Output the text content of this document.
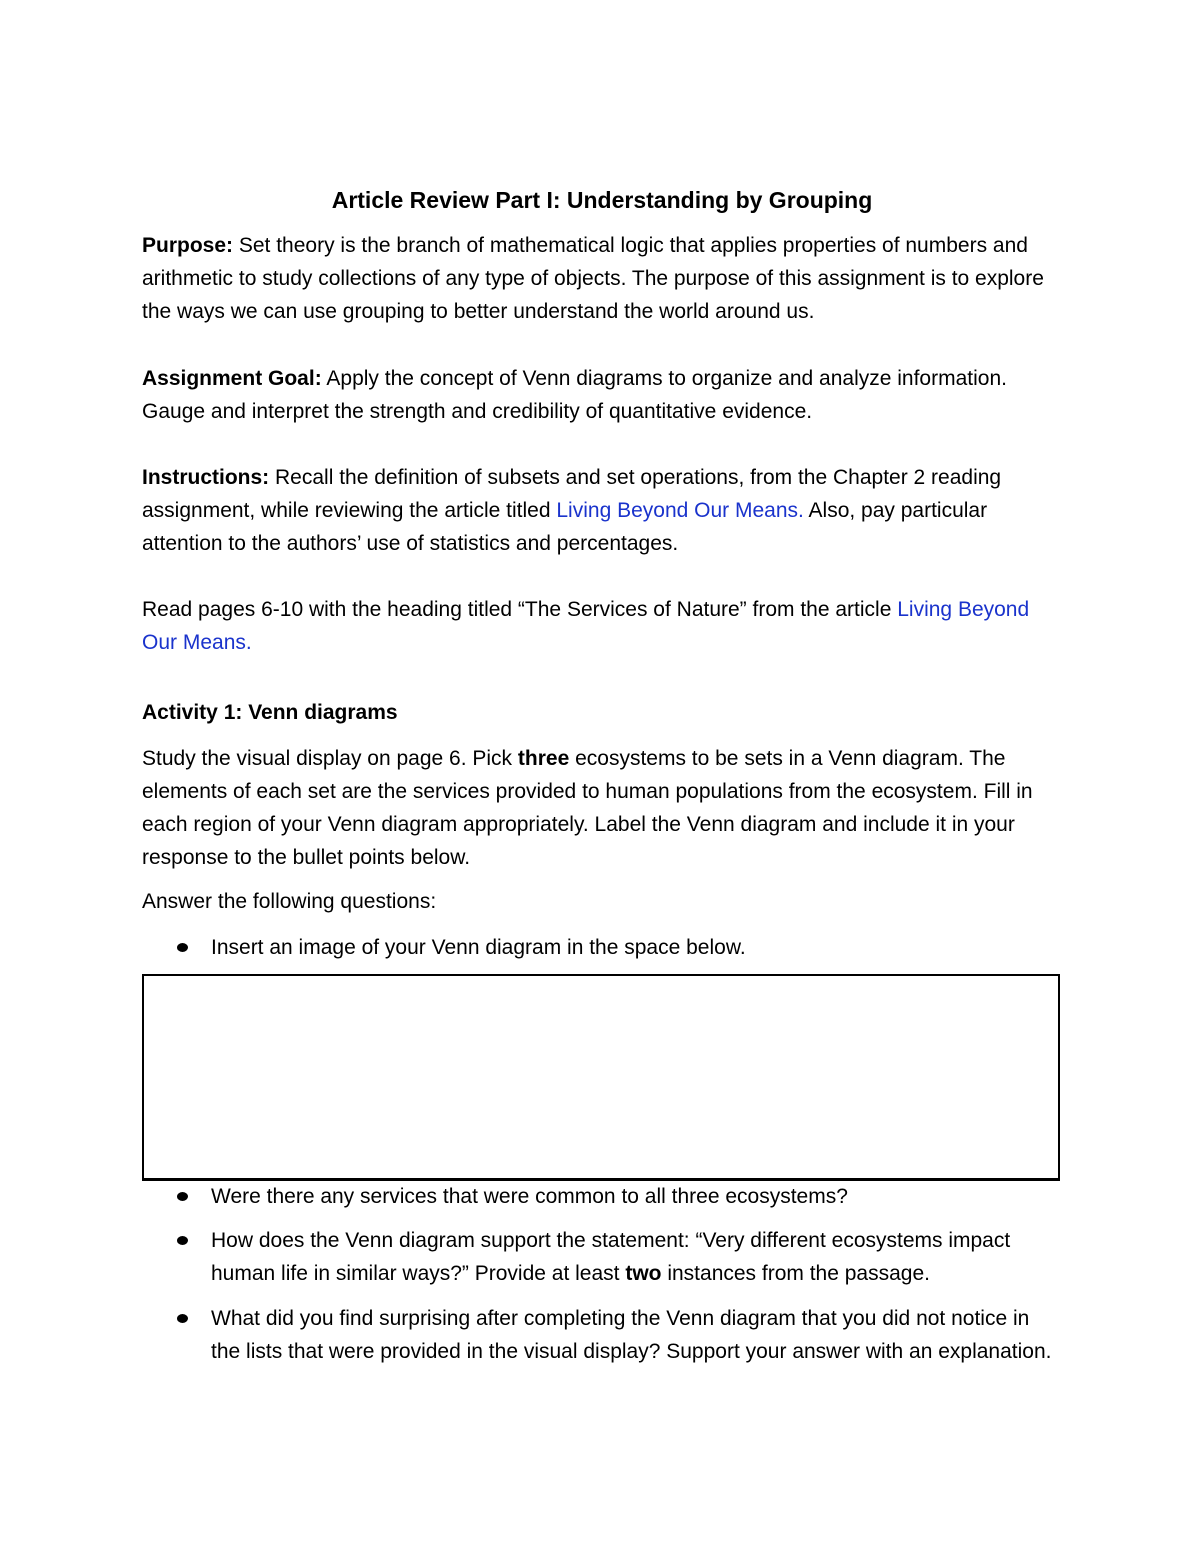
Article Review Part I: Understanding by Grouping

Purpose: Set theory is the branch of mathematical logic that applies properties of numbers and arithmetic to study collections of any type of objects. The purpose of this assignment is to explore the ways we can use grouping to better understand the world around us.

Assignment Goal: Apply the concept of Venn diagrams to organize and analyze information. Gauge and interpret the strength and credibility of quantitative evidence.

Instructions: Recall the definition of subsets and set operations, from the Chapter 2 reading assignment, while reviewing the article titled Living Beyond Our Means. Also, pay particular attention to the authors’ use of statistics and percentages.

Read pages 6-10 with the heading titled “The Services of Nature” from the article Living Beyond Our Means.

Activity 1: Venn diagrams

Study the visual display on page 6. Pick three ecosystems to be sets in a Venn diagram. The elements of each set are the services provided to human populations from the ecosystem. Fill in each region of your Venn diagram appropriately. Label the Venn diagram and include it in your response to the bullet points below.

Answer the following questions:

Insert an image of your Venn diagram in the space below.

Were there any services that were common to all three ecosystems?

How does the Venn diagram support the statement: “Very different ecosystems impact human life in similar ways?” Provide at least two instances from the passage.

What did you find surprising after completing the Venn diagram that you did not notice in the lists that were provided in the visual display? Support your answer with an explanation.
